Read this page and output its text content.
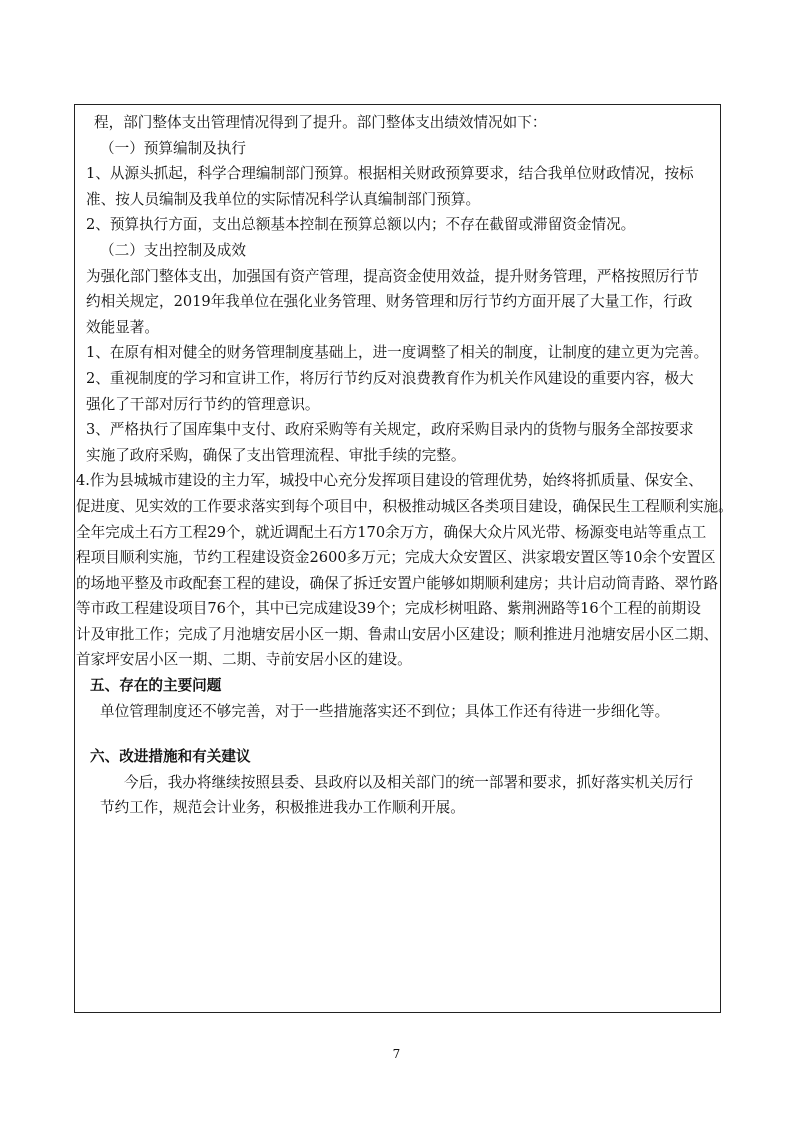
程，部门整体支出管理情况得到了提升。部门整体支出绩效情况如下：

（一）预算编制及执行

1、从源头抓起，科学合理编制部门预算。根据相关财政预算要求，结合我单位财政情况，按标

准、按人员编制及我单位的实际情况科学认真编制部门预算。

2、预算执行方面，支出总额基本控制在预算总额以内；不存在截留或滞留资金情况。

（二）支出控制及成效

为强化部门整体支出，加强国有资产管理，提高资金使用效益，提升财务管理，严格按照厉行节

约相关规定，2019年我单位在强化业务管理、财务管理和厉行节约方面开展了大量工作，行政

效能显著。

1、在原有相对健全的财务管理制度基础上，进一度调整了相关的制度，让制度的建立更为完善。

2、重视制度的学习和宣讲工作，将厉行节约反对浪费教育作为机关作风建设的重要内容，极大

强化了干部对厉行节约的管理意识。

3、严格执行了国库集中支付、政府采购等有关规定，政府采购目录内的货物与服务全部按要求

实施了政府采购，确保了支出管理流程、审批手续的完整。

4.作为县城城市建设的主力军，城投中心充分发挥项目建设的管理优势，始终将抓质量、保安全、

促进度、见实效的工作要求落实到每个项目中，积极推动城区各类项目建设，确保民生工程顺利实施。

全年完成土石方工程29个，就近调配土石方170余万方，确保大众片风光带、杨源变电站等重点工

程项目顺利实施，节约工程建设资金2600多万元；完成大众安置区、洪家塅安置区等10余个安置区

的场地平整及市政配套工程的建设，确保了拆迁安置户能够如期顺利建房；共计启动筒青路、翠竹路

等市政工程建设项目76个，其中已完成建设39个；完成杉树咀路、紫荆洲路等16个工程的前期设

计及审批工作；完成了月池塘安居小区一期、鲁肃山安居小区建设；顺利推进月池塘安居小区二期、

首家坪安居小区一期、二期、寺前安居小区的建设。

五、存在的主要问题

单位管理制度还不够完善，对于一些措施落实还不到位；具体工作还有待进一步细化等。

六、改进措施和有关建议

今后，我办将继续按照县委、县政府以及相关部门的统一部署和要求，抓好落实机关厉行

节约工作，规范会计业务，积极推进我办工作顺利开展。

7
